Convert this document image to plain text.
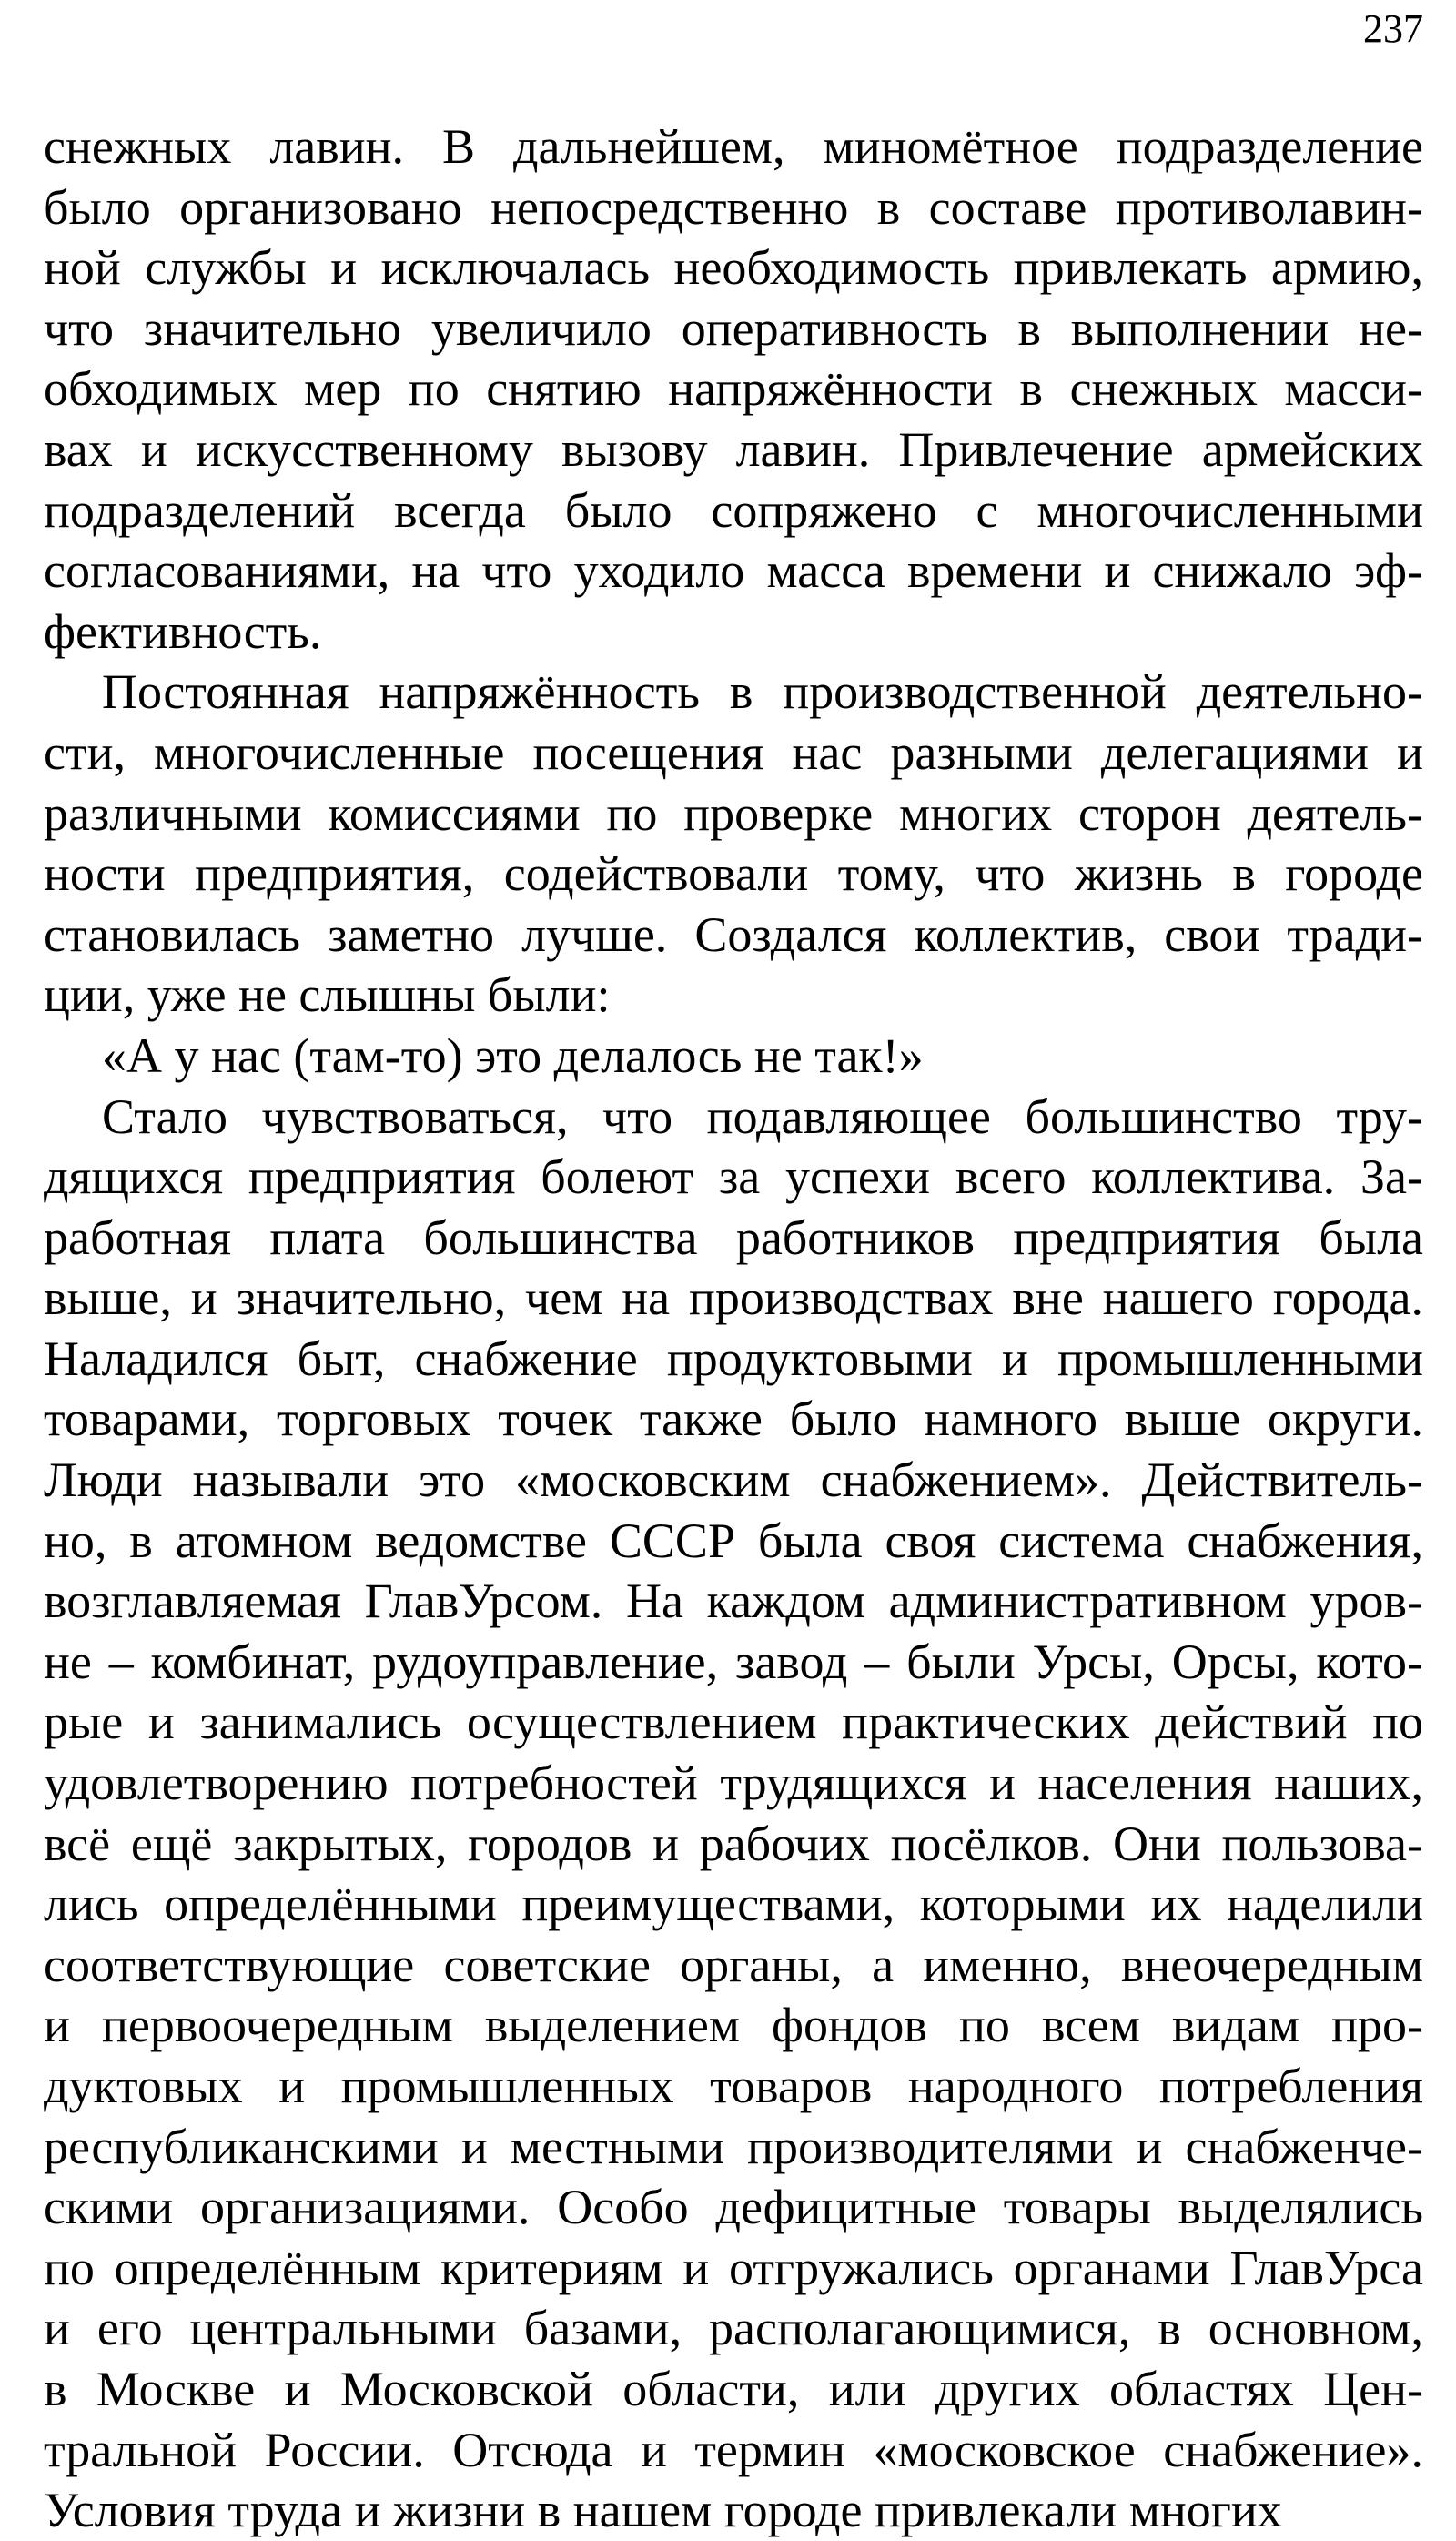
237

снежных лавин. В дальнейшем, миномётное подразделение
было организовано непосредственно в составе противолавин-
ной службы и исключалась необходимость привлекать армию,
что значительно увеличило оперативность в выполнении не-
обходимых мер по снятию напряжённости в снежных масси-
вах и искусственному вызову лавин. Привлечение армейских
подразделений всегда было сопряжено с многочисленными
согласованиями, на что уходило масса времени и снижало эф-
фективность.

Постоянная напряжённость в производственной деятельно-
сти, многочисленные посещения нас разными делегациями и
различными комиссиями по проверке многих сторон деятель-
ности предприятия, содействовали тому, что жизнь в городе
становилась заметно лучше. Создался коллектив, свои тради-
ции, уже не слышны были:

«А у нас (там-то) это делалось не так!»

Стало чувствоваться, что подавляющее большинство тру-
дящихся предприятия болеют за успехи всего коллектива. За-
работная плата большинства работников предприятия была
выше, и значительно, чем на производствах вне нашего города.
Наладился быт, снабжение продуктовыми и промышленными
товарами, торговых точек также было намного выше округи.
Люди называли это «московским снабжением». Действитель-
но, в атомном ведомстве СССР была своя система снабжения,
возглавляемая ГлавУрсом. На каждом административном уров-
не – комбинат, рудоуправление, завод – были Урсы, Орсы, кото-
рые и занимались осуществлением практических действий по
удовлетворению потребностей трудящихся и населения наших,
всё ещё закрытых, городов и рабочих посёлков. Они пользова-
лись определёнными преимуществами, которыми их наделили
соответствующие советские органы, а именно, внеочередным
и первоочередным выделением фондов по всем видам про-
дуктовых и промышленных товаров народного потребления
республиканскими и местными производителями и снабженче-
скими организациями. Особо дефицитные товары выделялись
по определённым критериям и отгружались органами ГлавУрса
и его центральными базами, располагающимися, в основном,
в Москве и Московской области, или других областях Цен-
тральной России. Отсюда и термин «московское снабжение».
Условия труда и жизни в нашем городе привлекали многих
